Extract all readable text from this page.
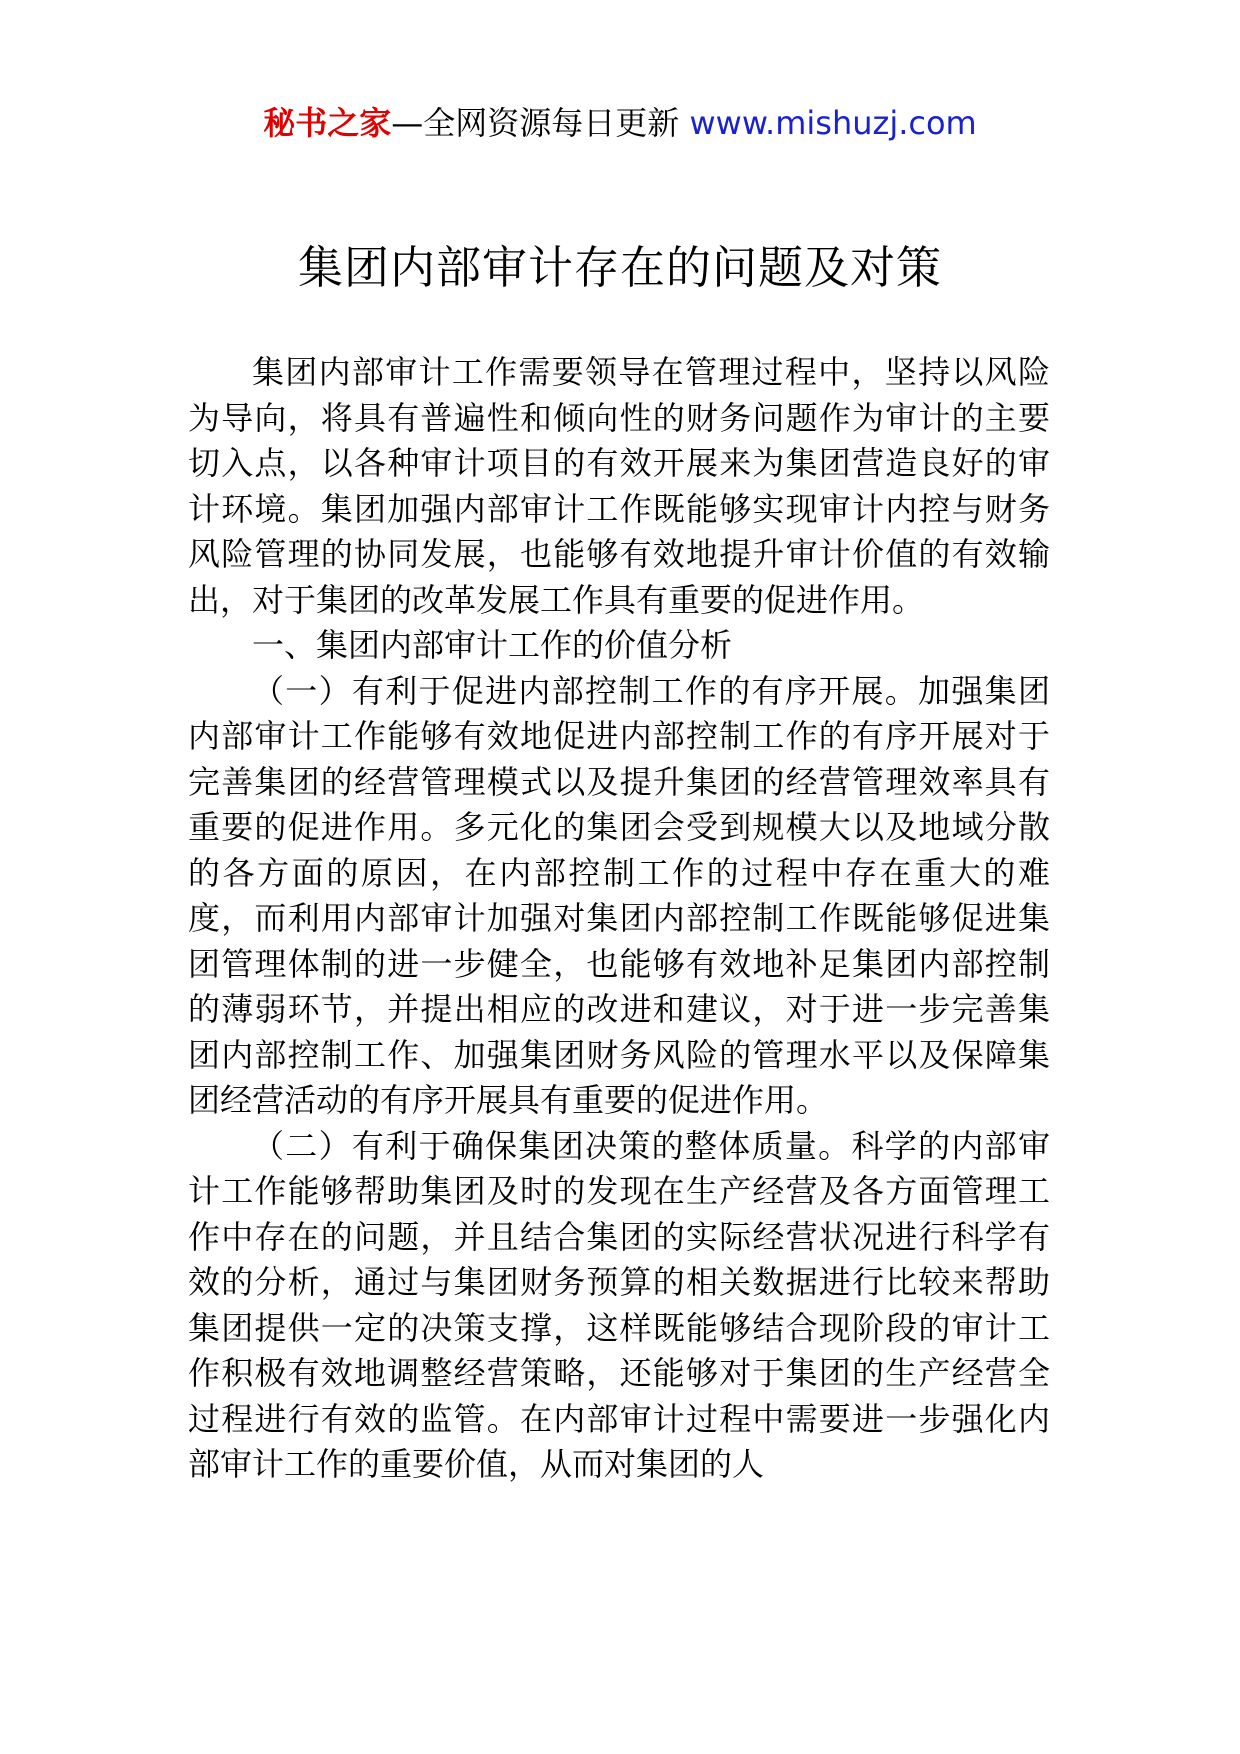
秘书之家—全网资源每日更新 www.mishuzj.com
集团内部审计存在的问题及对策

集团内部审计工作需要领导在管理过程中，坚持以风险为导向，将具有普遍性和倾向性的财务问题作为审计的主要切入点，以各种审计项目的有效开展来为集团营造良好的审计环境。集团加强内部审计工作既能够实现审计内控与财务风险管理的协同发展，也能够有效地提升审计价值的有效输出，对于集团的改革发展工作具有重要的促进作用。

一、集团内部审计工作的价值分析

（一）有利于促进内部控制工作的有序开展。加强集团内部审计工作能够有效地促进内部控制工作的有序开展对于完善集团的经营管理模式以及提升集团的经营管理效率具有重要的促进作用。多元化的集团会受到规模大以及地域分散的各方面的原因，在内部控制工作的过程中存在重大的难度，而利用内部审计加强对集团内部控制工作既能够促进集团管理体制的进一步健全，也能够有效地补足集团内部控制的薄弱环节，并提出相应的改进和建议，对于进一步完善集团内部控制工作、加强集团财务风险的管理水平以及保障集团经营活动的有序开展具有重要的促进作用。

（二）有利于确保集团决策的整体质量。科学的内部审计工作能够帮助集团及时的发现在生产经营及各方面管理工作中存在的问题，并且结合集团的实际经营状况进行科学有效的分析，通过与集团财务预算的相关数据进行比较来帮助集团提供一定的决策支撑，这样既能够结合现阶段的审计工作积极有效地调整经营策略，还能够对于集团的生产经营全过程进行有效的监管。在内部审计过程中需要进一步强化内部审计工作的重要价值，从而对集团的人
